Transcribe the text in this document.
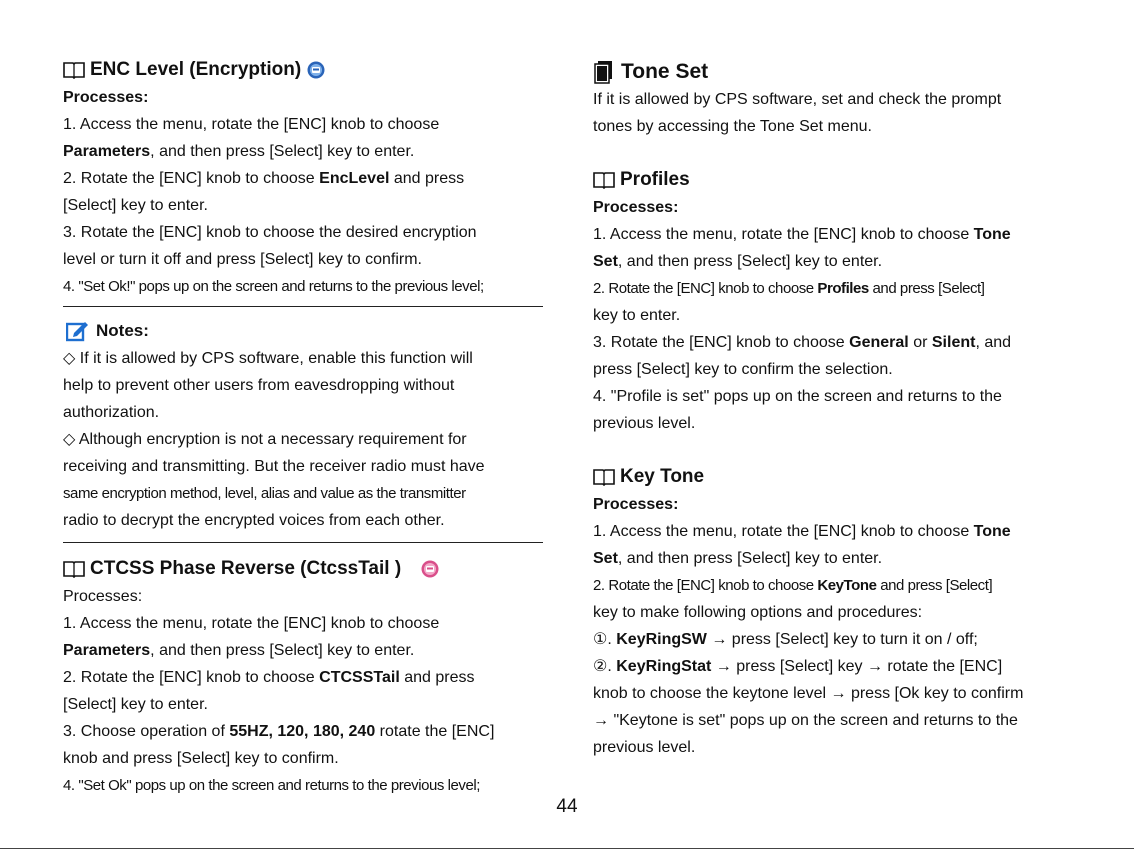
ENC Level (Encryption)
Processes:

1. Access the menu, rotate the [ENC] knob to choose

Parameters, and then press [Select] key to enter.

2. Rotate the [ENC] knob to choose EncLevel and press

[Select] key to enter.

3. Rotate the [ENC] knob to choose the desired encryption

level or turn it off and press [Select] key to confirm.

4. "Set Ok!" pops up on the screen and returns to the previous level;

Notes:

◇ If it is allowed by CPS software, enable this function will

help to prevent other users from eavesdropping without

authorization.

◇ Although encryption is not a necessary requirement for

receiving and transmitting. But the receiver radio must have

same encryption method, level, alias and value as the transmitter

radio to decrypt the encrypted voices from each other.

CTCSS Phase Reverse (CtcssTail )
Processes:

1. Access the menu, rotate the [ENC] knob to choose

Parameters, and then press [Select] key to enter.

2. Rotate the [ENC] knob to choose CTCSSTail and press

[Select] key to enter.

3. Choose operation of 55HZ, 120, 180, 240 rotate the [ENC]

knob and press [Select] key to confirm.

4. "Set Ok" pops up on the screen and returns to the previous level;

Tone Set

If it is allowed by CPS software, set and check the prompt

tones by accessing the Tone Set menu.

Profiles
Processes:

1. Access the menu, rotate the [ENC] knob to choose Tone

Set, and then press [Select] key to enter.

2. Rotate the [ENC] knob to choose Profiles and press [Select]

key to enter.

3. Rotate the [ENC] knob to choose General or Silent, and

press [Select] key to confirm the selection.

4. "Profile is set" pops up on the screen and returns to the

previous level.

Key Tone
Processes:

1. Access the menu, rotate the [ENC] knob to choose Tone

Set, and then press [Select] key to enter.

2. Rotate the [ENC] knob to choose KeyTone and press [Select]

key to make following options and procedures:

①. KeyRingSW → press [Select] key to turn it on / off;

②. KeyRingStat → press [Select] key → rotate the [ENC]

knob to choose the keytone level → press [Ok key to confirm

→ "Keytone is set" pops up on the screen and returns to the

previous level.

44
